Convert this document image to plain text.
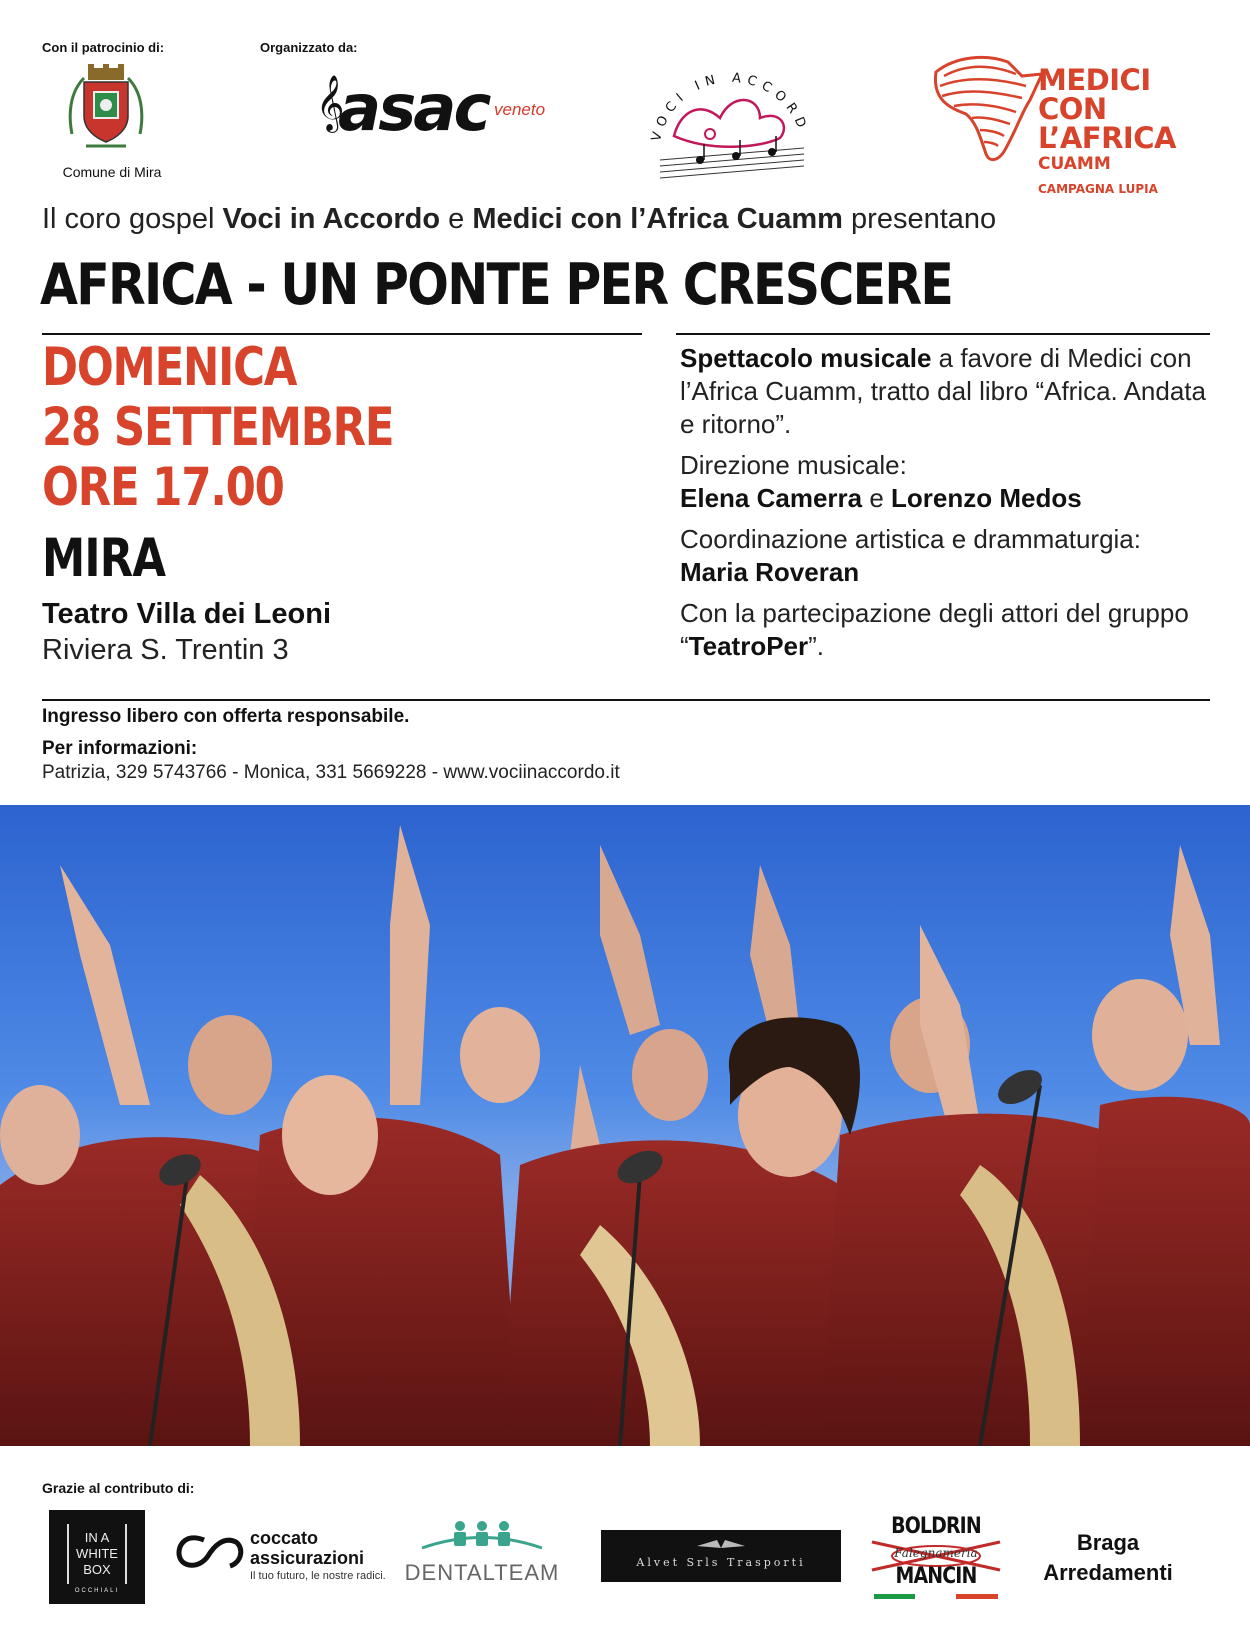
Con il patrocinio di:	Organizzato da:
Comune di Mira
𝄞
asac veneto
VOCI IN ACCORD
MEDICI
CON L’AFRICA
CUAMM
CAMPAGNA LUPIA
Il coro gospel Voci in Accordo e Medici con l’Africa Cuamm presentano
AFRICA - UN PONTE PER CRESCERE
DOMENICA
28 SETTEMBRE
ORE 17.00
MIRA
Teatro Villa dei Leoni
Riviera S. Trentin 3

Spettacolo musicale a favore di Medici con l’Africa Cuamm, tratto dal libro “Africa. Andata e ritorno”.

Direzione musicale:
Elena Camerra e Lorenzo Medos

Coordinazione artistica e drammaturgia:
Maria Roveran

Con la partecipazione degli attori del gruppo “TeatroPer”.

Ingresso libero con offerta responsabile.
Per informazioni:
Patrizia, 329 5743766 - Monica, 331 5669228 - www.vociinaccordo.it
Grazie al contributo di:
IN A
WHITE
BOX
OCCHIALI
coccato
assicurazioni
Il tuo futuro, le nostre radici. DENTALTEAM	Alvet Srls Trasporti
BOLDRIN
Falegnameria
MANCIN
Braga
Arredamenti
